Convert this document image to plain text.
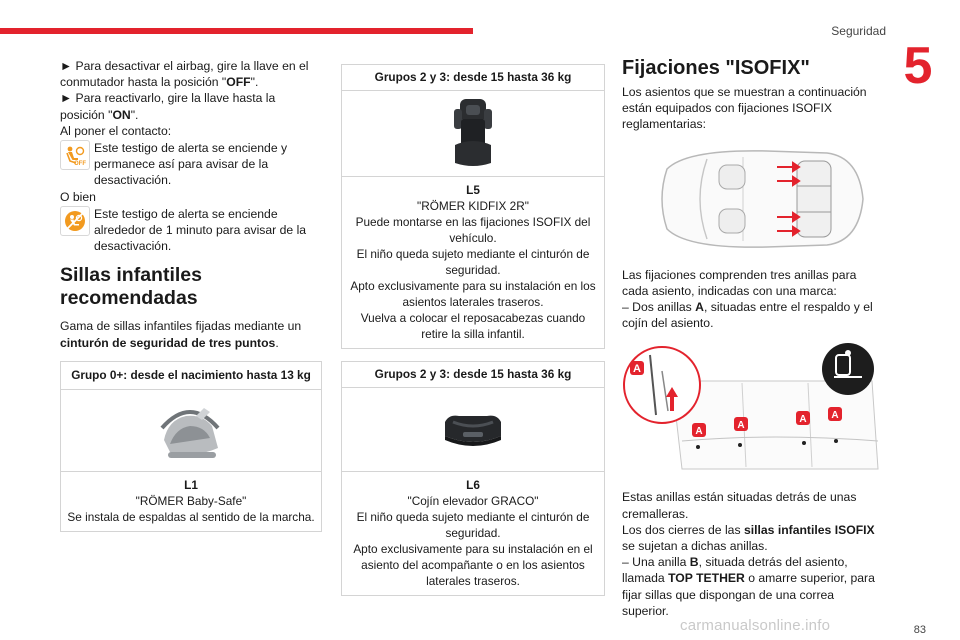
Seguridad
5
► Para desactivar el airbag, gire la llave en el conmutador hasta la posición "OFF".
► Para reactivarlo, gire la llave hasta la posición "ON".
Al poner el contacto:
OFF
Este testigo de alerta se enciende y permanece así para avisar de la desactivación.
O bien
Este testigo de alerta se enciende alrededor de 1 minuto para avisar de la desactivación.
Sillas infantiles recomendadas
Gama de sillas infantiles fijadas mediante un cinturón de seguridad de tres puntos.
Grupo 0+: desde el nacimiento hasta 13 kg
L1
"RÖMER Baby-Safe"
Se instala de espaldas al sentido de la marcha.
Grupos 2 y 3: desde 15 hasta 36 kg
L5
"RÖMER KIDFIX 2R"
Puede montarse en las fijaciones ISOFIX del vehículo.
El niño queda sujeto mediante el cinturón de seguridad.
Apto exclusivamente para su instalación en los asientos laterales traseros.
Vuelva a colocar el reposacabezas cuando retire la silla infantil.
Grupos 2 y 3: desde 15 hasta 36 kg
L6
"Cojín elevador GRACO"
El niño queda sujeto mediante el cinturón de seguridad.
Apto exclusivamente para su instalación en el asiento del acompañante o en los asientos laterales traseros.
Fijaciones "ISOFIX"
Los asientos que se muestran a continuación están equipados con fijaciones ISOFIX reglamentarias:
Las fijaciones comprenden tres anillas para cada asiento, indicadas con una marca:
– Dos anillas A, situadas entre el respaldo y el cojín del asiento.
A
A
A
A A
Estas anillas están situadas detrás de unas cremalleras.
Los dos cierres de las sillas infantiles ISOFIX se sujetan a dichas anillas.
– Una anilla B, situada detrás del asiento, llamada TOP TETHER o amarre superior, para fijar sillas que dispongan de una correa superior.
carmanualsonline.info	83
